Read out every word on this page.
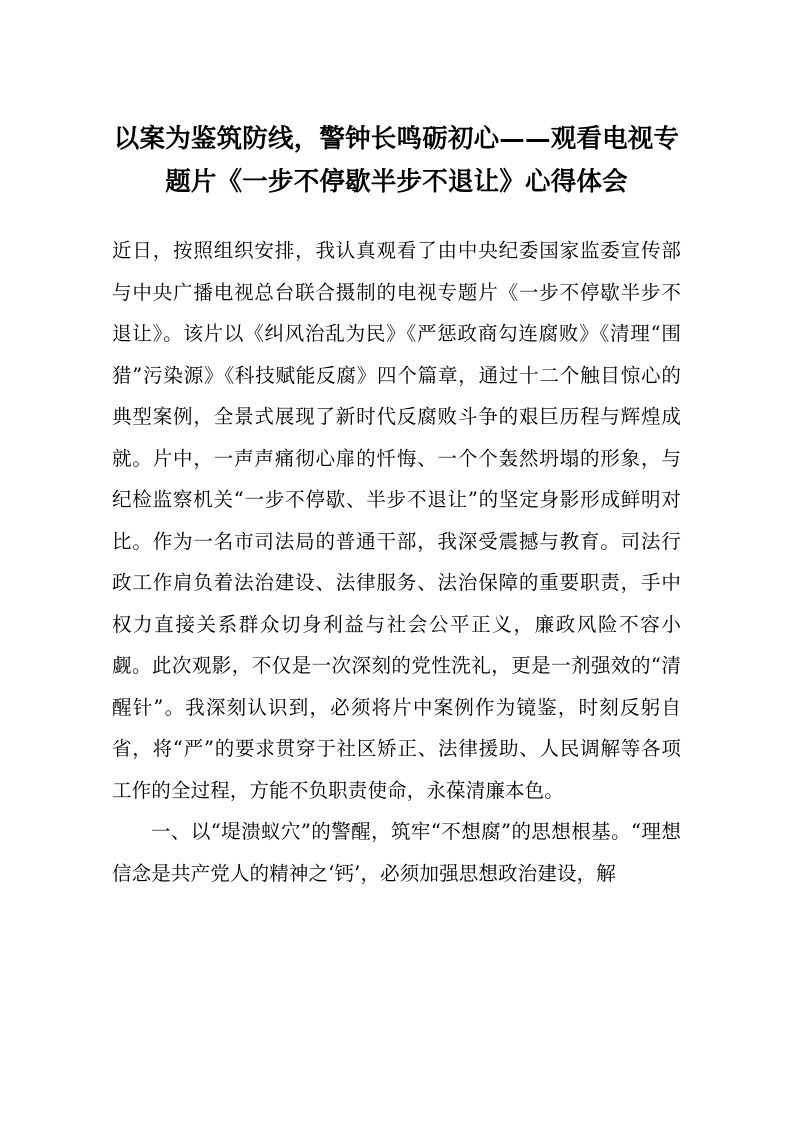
以案为鉴筑防线，警钟长鸣砺初心——观看电视专题片《一步不停歇半步不退让》心得体会

近日，按照组织安排，我认真观看了由中央纪委国家监委宣传部与中央广播电视总台联合摄制的电视专题片《一步不停歇半步不退让》。该片以《纠风治乱为民》《严惩政商勾连腐败》《清理“围猎”污染源》《科技赋能反腐》四个篇章，通过十二个触目惊心的典型案例，全景式展现了新时代反腐败斗争的艰巨历程与辉煌成就。片中，一声声痛彻心扉的忏悔、一个个轰然坍塌的形象，与纪检监察机关“一步不停歇、半步不退让”的坚定身影形成鲜明对比。作为一名市司法局的普通干部，我深受震撼与教育。司法行政工作肩负着法治建设、法律服务、法治保障的重要职责，手中权力直接关系群众切身利益与社会公平正义，廉政风险不容小觑。此次观影，不仅是一次深刻的党性洗礼，更是一剂强效的“清醒针”。我深刻认识到，必须将片中案例作为镜鉴，时刻反躬自省，将“严”的要求贯穿于社区矫正、法律援助、人民调解等各项工作的全过程，方能不负职责使命，永葆清廉本色。

一、以“堤溃蚁穴”的警醒，筑牢“不想腐”的思想根基。“理想信念是共产党人的精神之‘钙’，必须加强思想政治建设，解
